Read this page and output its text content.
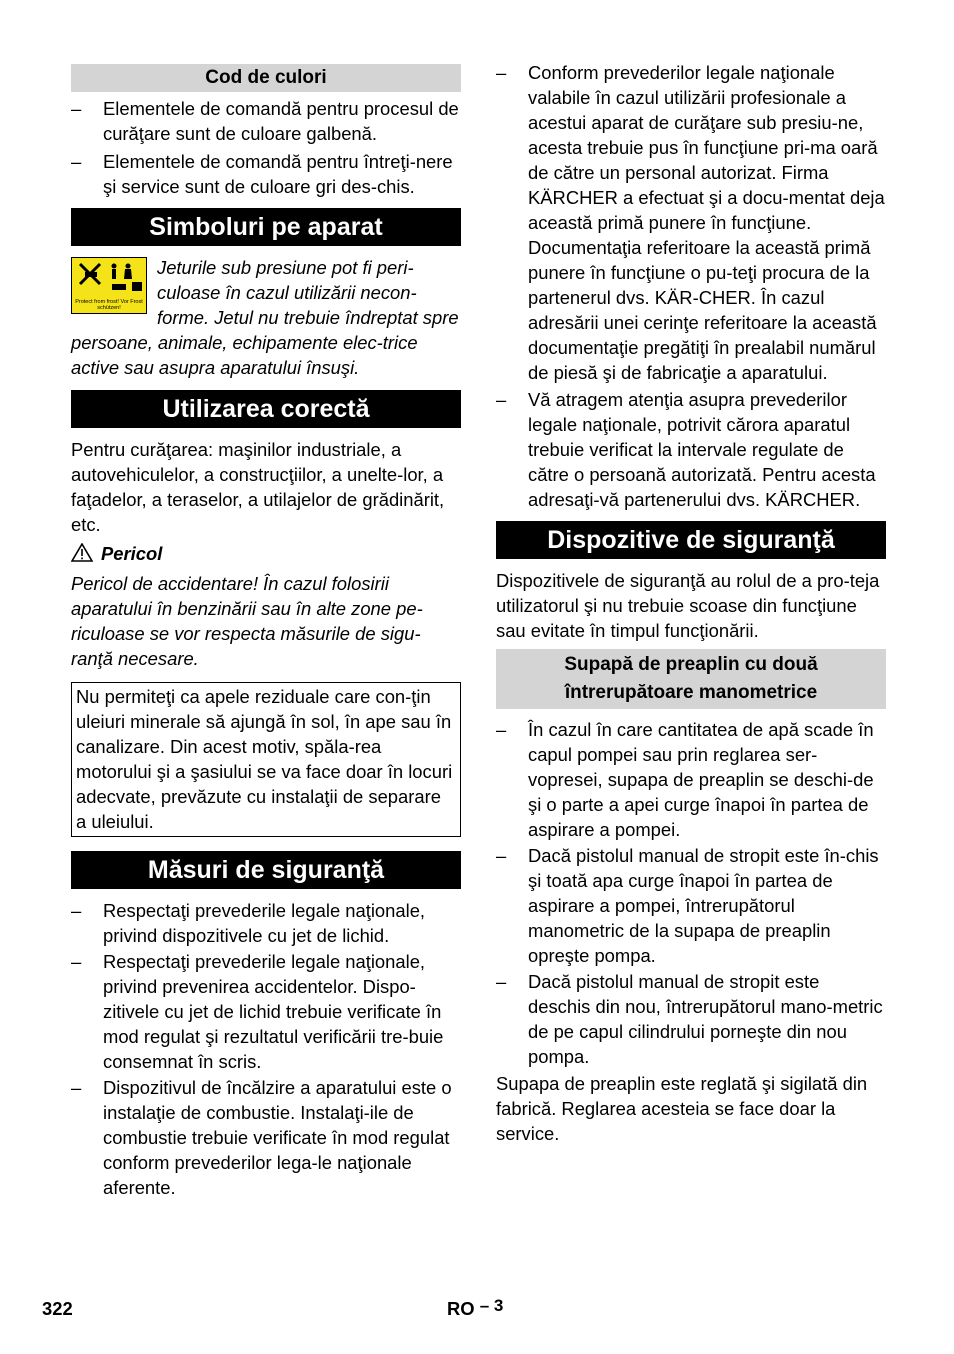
Cod de culori
– Elementele de comandă pentru procesul de curăţare sunt de culoare galbenă.
– Elementele de comandă pentru întreţi-nere şi service sunt de culoare gri des-chis.
Simboluri pe aparat
Protect from frost! Vor Frost schützen!

Jeturile sub presiune pot fi peri-culoase în cazul utilizării necon-forme. Jetul nu trebuie îndreptat spre persoane, animale, echipamente elec-trice active sau asupra aparatului însuşi.

Utilizarea corectă

Pentru curăţarea: maşinilor industriale, a autovehiculelor, a construcţiilor, a unelte-lor, a faţadelor, a teraselor, a utilajelor de grădinărit, etc.

Pericol

Pericol de accidentare! În cazul folosirii aparatului în benzinării sau în alte zone pe-riculoase se vor respecta măsurile de sigu-ranţă necesare.

Nu permiteţi ca apele reziduale care con-ţin uleiuri minerale să ajungă în sol, în ape sau în canalizare. Din acest motiv, spăla-rea motorului şi a şasiului se va face doar în locuri adecvate, prevăzute cu instalaţii de separare a uleiului.

Măsuri de siguranţă
– Respectaţi prevederile legale naţionale, privind dispozitivele cu jet de lichid.
– Respectaţi prevederile legale naţionale, privind prevenirea accidentelor. Dispo-zitivele cu jet de lichid trebuie verificate în mod regulat şi rezultatul verificării tre-buie consemnat în scris.
– Dispozitivul de încălzire a aparatului este o instalaţie de combustie. Instalaţi-ile de combustie trebuie verificate în mod regulat conform prevederilor lega-le naţionale aferente.
– Conform prevederilor legale naţionale valabile în cazul utilizării profesionale a acestui aparat de curăţare sub presiu-ne, acesta trebuie pus în funcţiune pri-ma oară de către un personal autorizat. Firma KÄRCHER a efectuat şi a docu-mentat deja această primă punere în funcţiune. Documentaţia referitoare la această primă punere în funcţiune o pu-teţi procura de la partenerul dvs. KÄR-CHER. În cazul adresării unei cerinţe referitoare la această documentaţie pregătiţi în prealabil numărul de piesă şi de fabricaţie a aparatului.
– Vă atragem atenţia asupra prevederilor legale naţionale, potrivit cărora aparatul trebuie verificat la intervale regulate de către o persoană autorizată. Pentru acesta adresaţi-vă partenerului dvs. KÄRCHER.
Dispozitive de siguranţă

Dispozitivele de siguranţă au rolul de a pro-teja utilizatorul şi nu trebuie scoase din funcţiune sau evitate în timpul funcţionării.

Supapă de preaplin cu două întrerupătoare manometrice
– În cazul în care cantitatea de apă scade în capul pompei sau prin reglarea ser-vopresei, supapa de preaplin se deschi-de şi o parte a apei curge înapoi în partea de aspirare a pompei.
– Dacă pistolul manual de stropit este în-chis şi toată apa curge înapoi în partea de aspirare a pompei, întrerupătorul manometric de la supapa de preaplin opreşte pompa.
– Dacă pistolul manual de stropit este deschis din nou, întrerupătorul mano-metric de pe capul cilindrului porneşte din nou pompa.

Supapa de preaplin este reglată şi sigilată din fabrică. Reglarea acesteia se face doar la service.

322	RO – 3
